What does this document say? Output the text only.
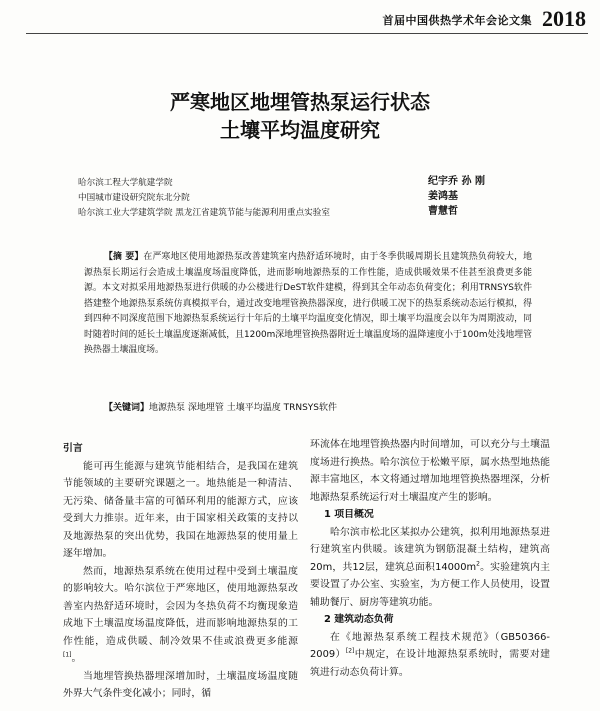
首届中国供热学术年会论文集 2018
严寒地区地埋管热泵运行状态
土壤平均温度研究
哈尔滨工程大学航建学院
中国城市建设研究院东北分院
哈尔滨工业大学建筑学院 黑龙江省建筑节能与能源利用重点实验室
纪宇乔 孙 刚
姜鸿基
曹慧哲
【摘 要】在严寒地区使用地源热泵改善建筑室内热舒适环境时，由于冬季供暖周期长且建筑热负荷较大，地源热泵长期运行会造成土壤温度场温度降低，进而影响地源热泵的工作性能，造成供暖效果不佳甚至浪费更多能源。本文对拟采用地源热泵进行供暖的办公楼进行DeST软件建模，得到其全年动态负荷变化；利用TRNSYS软件搭建整个地源热泵系统仿真模拟平台，通过改变地埋管换热器深度，进行供暖工况下的热泵系统动态运行模拟，得到四种不同深度范围下地源热泵系统运行十年后的土壤平均温度变化情况，即土壤平均温度会以年为周期波动，同时随着时间的延长土壤温度逐渐减低，且1200m深地埋管换热器附近土壤温度场的温降速度小于100m处浅地埋管换热器土壤温度场。
【关键词】地源热泵 深地埋管 土壤平均温度 TRNSYS软件
引言

能可再生能源与建筑节能相结合，是我国在建筑节能领域的主要研究课题之一。地热能是一种清洁、无污染、储备量丰富的可循环利用的能源方式，应该受到大力推崇。近年来，由于国家相关政策的支持以及地源热泵的突出优势，我国在地源热泵的使用量上逐年增加。

然而，地源热泵系统在使用过程中受到土壤温度的影响较大。哈尔滨位于严寒地区，使用地源热泵改善室内热舒适环境时，会因为冬热负荷不均衡现象造成地下土壤温度场温度降低，进而影响地源热泵的工作性能，造成供暖、制冷效果不佳或浪费更多能源[1]。

当地埋管换热器埋深增加时，土壤温度场温度随外界大气条件变化减小；同时，循

环流体在地埋管换热器内时间增加，可以充分与土壤温度场进行换热。哈尔滨位于松嫩平原，属水热型地热能源丰富地区，本文将通过增加地埋管换热器埋深，分析地源热泵系统运行对土壤温度产生的影响。

1 项目概况

哈尔滨市松北区某拟办公建筑，拟利用地源热泵进行建筑室内供暖。该建筑为钢筋混凝土结构，建筑高20m，共12层，建筑总面积$14000m^2$。实验建筑内主要设置了办公室、实验室，为方便工作人员使用，设置辅助餐厅、厨房等建筑功能。

2 建筑动态负荷

在《地源热泵系统工程技术规范》（GB50366-2009）[2]中规定，在设计地源热泵系统时，需要对建筑进行动态负荷计算。
